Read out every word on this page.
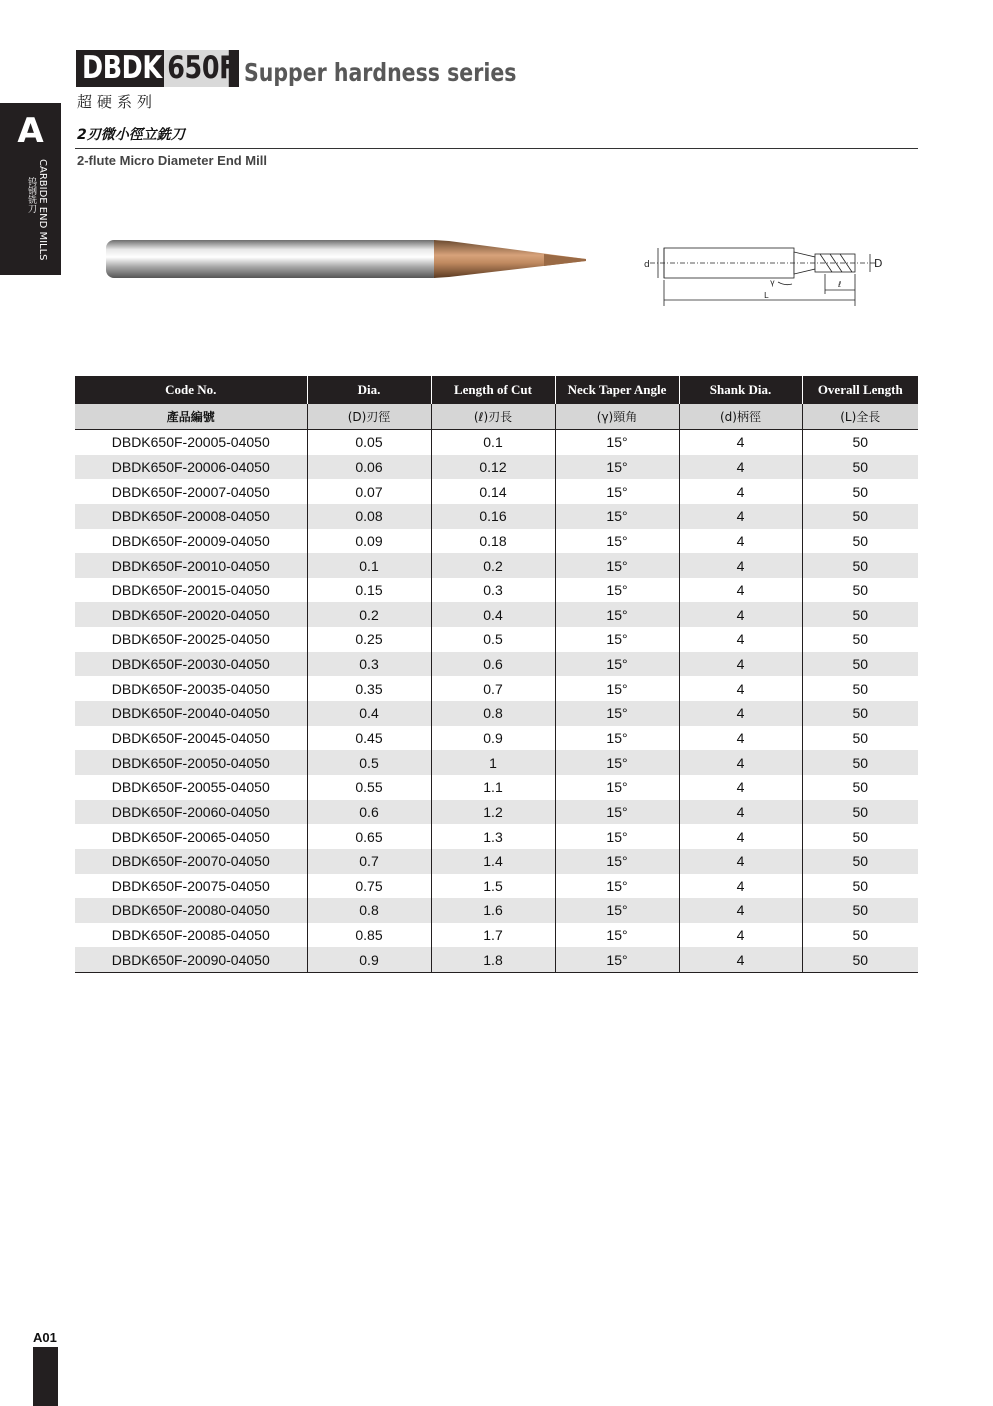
A
CARBIDE END MILLS
钨钢铣刀
DBDK 650F Supper hardness series
超硬系列
2刃微小徑立銑刀
2-flute Micro Diameter End Mill
d	D
γ	ℓ
L
Code No.	Dia.	Length of Cut	Neck Taper Angle	Shank Dia.	Overall Length
產品編號	(D)刃徑	(ℓ)刃長	(γ)頸角	(d)柄徑	(L)全長
DBDK650F-20005-04050	0.05	0.1	15°	4	50
DBDK650F-20006-04050	0.06	0.12	15°	4	50
DBDK650F-20007-04050	0.07	0.14	15°	4	50
DBDK650F-20008-04050	0.08	0.16	15°	4	50
DBDK650F-20009-04050	0.09	0.18	15°	4	50
DBDK650F-20010-04050	0.1	0.2	15°	4	50
DBDK650F-20015-04050	0.15	0.3	15°	4	50
DBDK650F-20020-04050	0.2	0.4	15°	4	50
DBDK650F-20025-04050	0.25	0.5	15°	4	50
DBDK650F-20030-04050	0.3	0.6	15°	4	50
DBDK650F-20035-04050	0.35	0.7	15°	4	50
DBDK650F-20040-04050	0.4	0.8	15°	4	50
DBDK650F-20045-04050	0.45	0.9	15°	4	50
DBDK650F-20050-04050	0.5	1	15°	4	50
DBDK650F-20055-04050	0.55	1.1	15°	4	50
DBDK650F-20060-04050	0.6	1.2	15°	4	50
DBDK650F-20065-04050	0.65	1.3	15°	4	50
DBDK650F-20070-04050	0.7	1.4	15°	4	50
DBDK650F-20075-04050	0.75	1.5	15°	4	50
DBDK650F-20080-04050	0.8	1.6	15°	4	50
DBDK650F-20085-04050	0.85	1.7	15°	4	50
DBDK650F-20090-04050	0.9	1.8	15°	4	50
A01
